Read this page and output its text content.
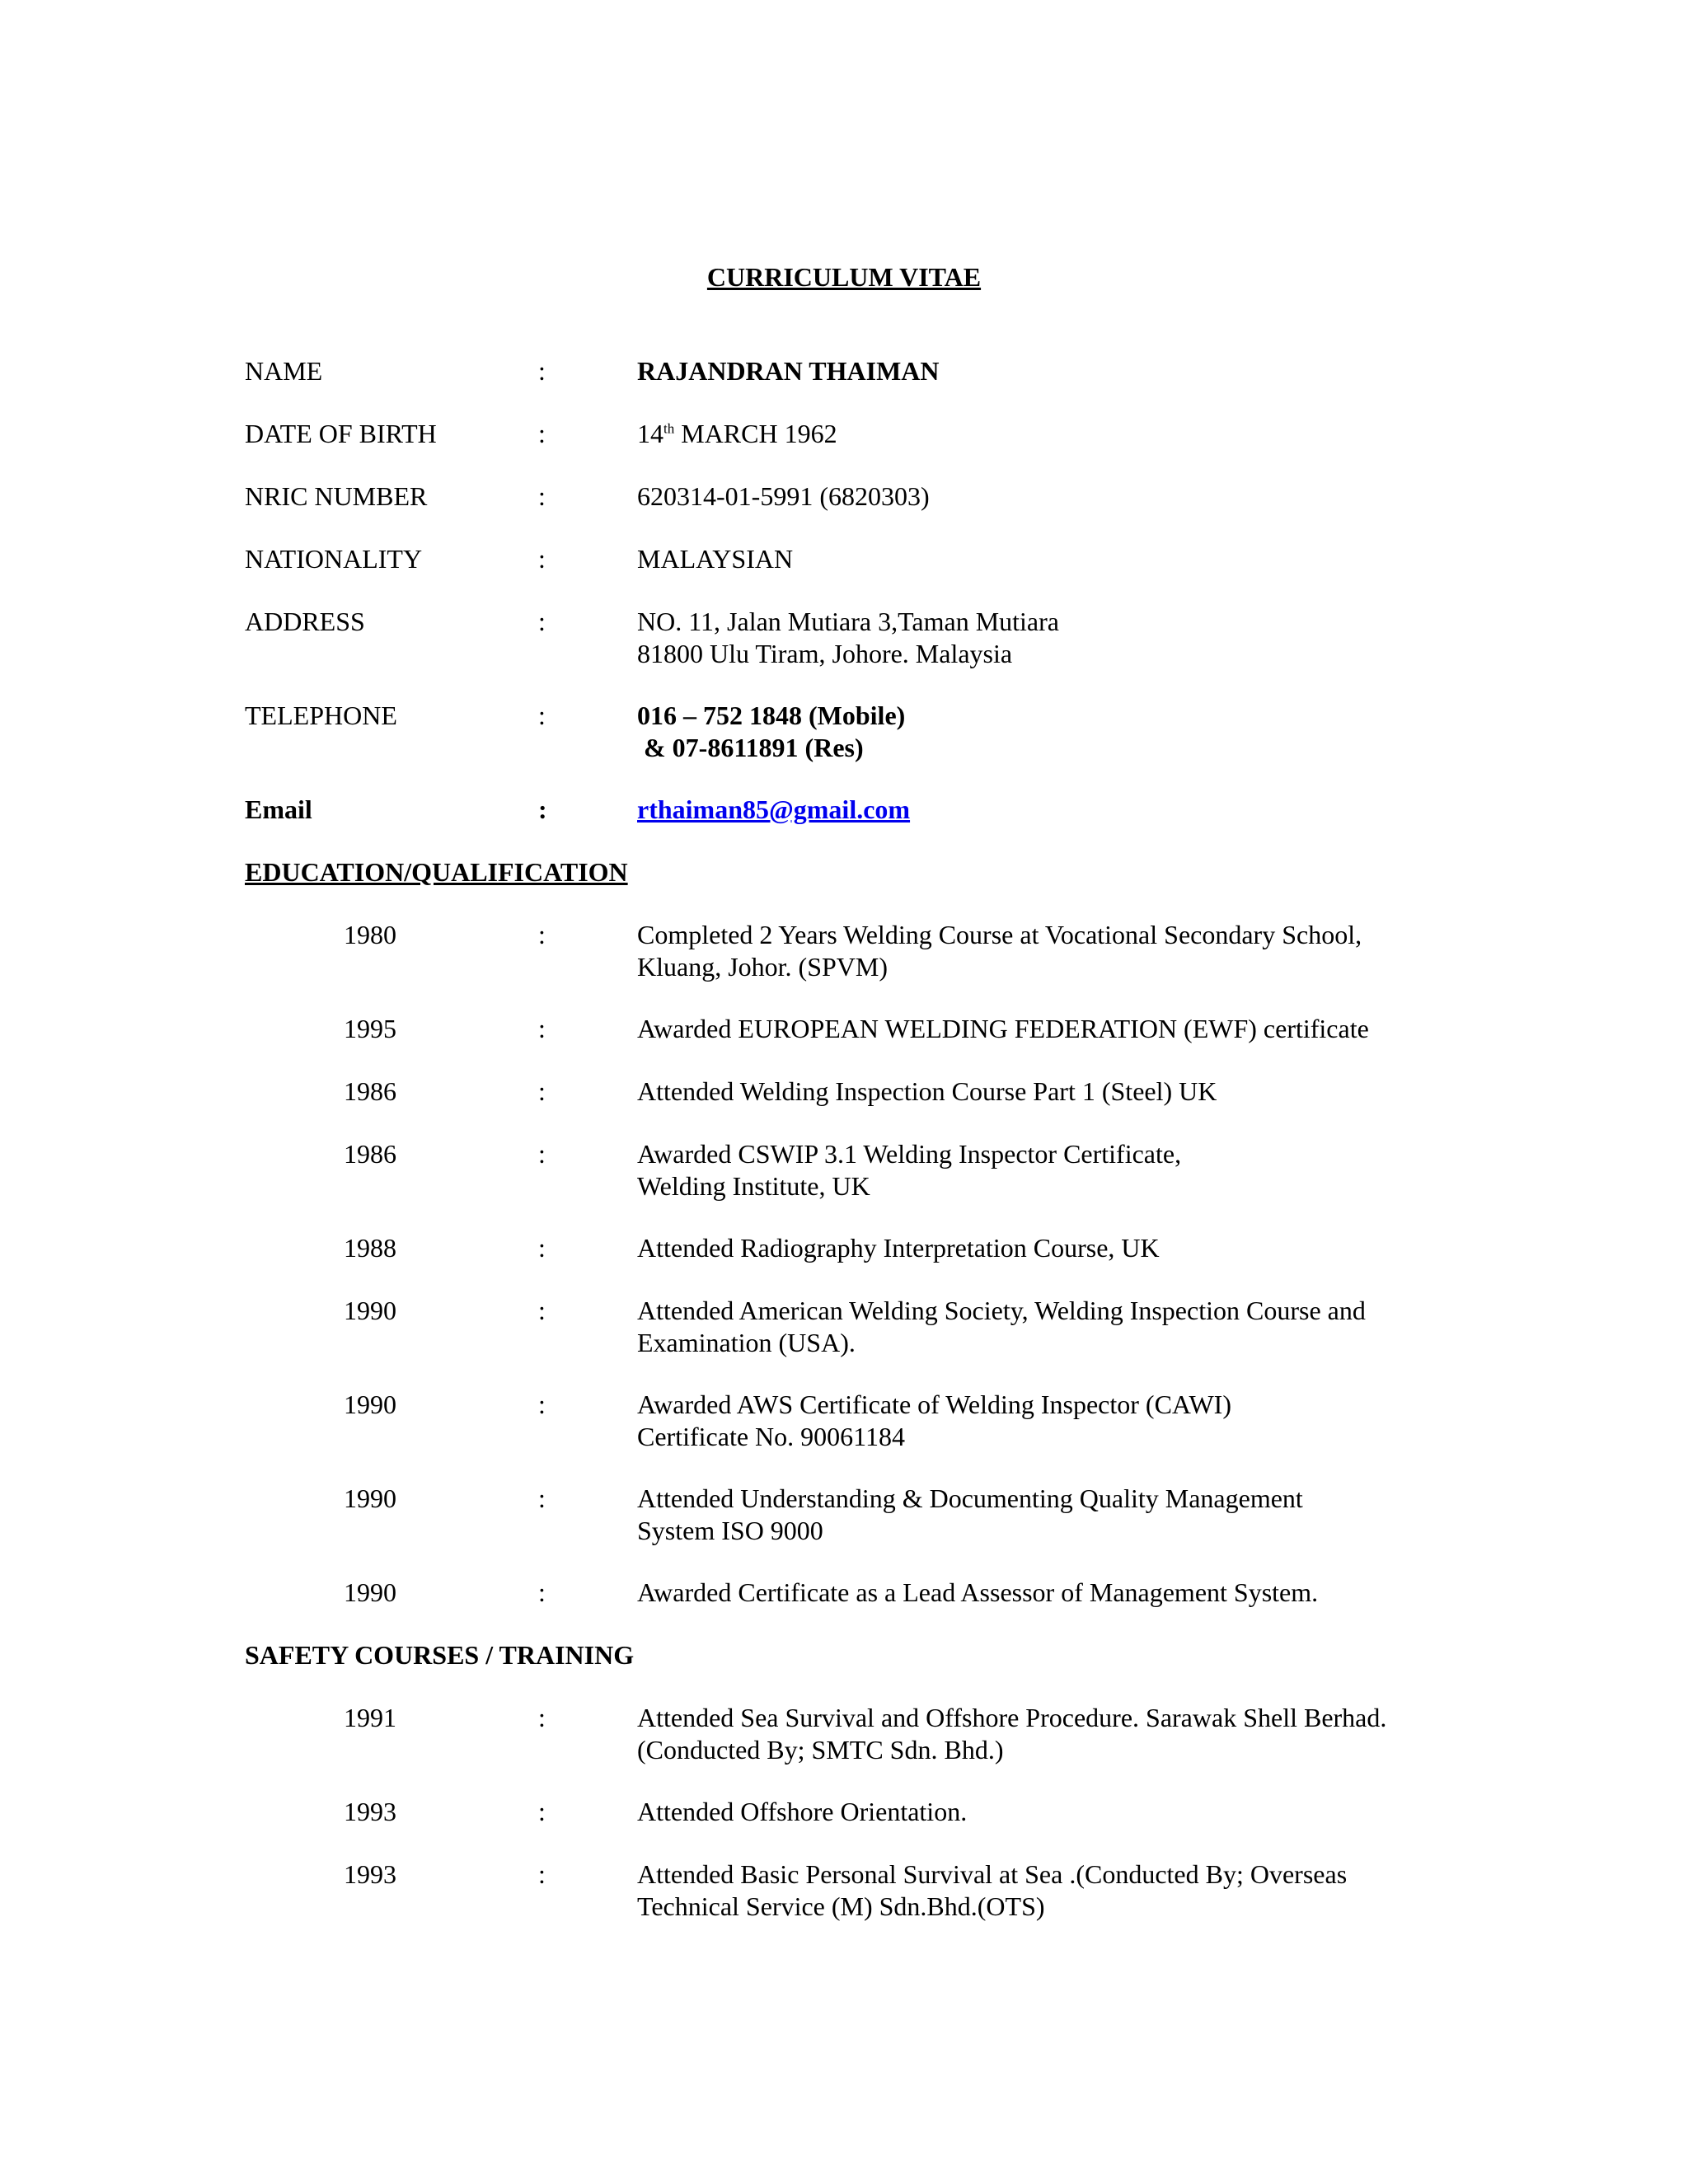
CURRICULUM VITAE
NAME	:	RAJANDRAN THAIMAN
DATE OF BIRTH	:	14th MARCH 1962
NRIC NUMBER	:	620314-01-5991 (6820303)
NATIONALITY	:	MALAYSIAN
ADDRESS	:	NO. 11, Jalan Mutiara 3,Taman Mutiara
81800 Ulu Tiram, Johore. Malaysia
TELEPHONE	:	016 – 752 1848 (Mobile)
& 07-8611891 (Res)
Email	:	rthaiman85@gmail.com
EDUCATION/QUALIFICATION
1980	:	Completed 2 Years Welding Course at Vocational Secondary School,
Kluang, Johor. (SPVM)
1995	:	Awarded EUROPEAN WELDING FEDERATION (EWF) certificate
1986	:	Attended Welding Inspection Course Part 1 (Steel) UK
1986	:	Awarded CSWIP 3.1 Welding Inspector Certificate,
Welding Institute, UK
1988	:	Attended Radiography Interpretation Course, UK
1990	:	Attended American Welding Society, Welding Inspection Course and
Examination (USA).
1990	:	Awarded AWS Certificate of Welding Inspector (CAWI)
Certificate No. 90061184
1990	:	Attended Understanding & Documenting Quality Management
System ISO 9000
1990	:	Awarded Certificate as a Lead Assessor of Management System.
SAFETY COURSES / TRAINING
1991	:	Attended Sea Survival and Offshore Procedure. Sarawak Shell Berhad.
(Conducted By; SMTC Sdn. Bhd.)
1993	:	Attended Offshore Orientation.
1993	:	Attended Basic Personal Survival at Sea .(Conducted By; Overseas
Technical Service (M) Sdn.Bhd.(OTS)
